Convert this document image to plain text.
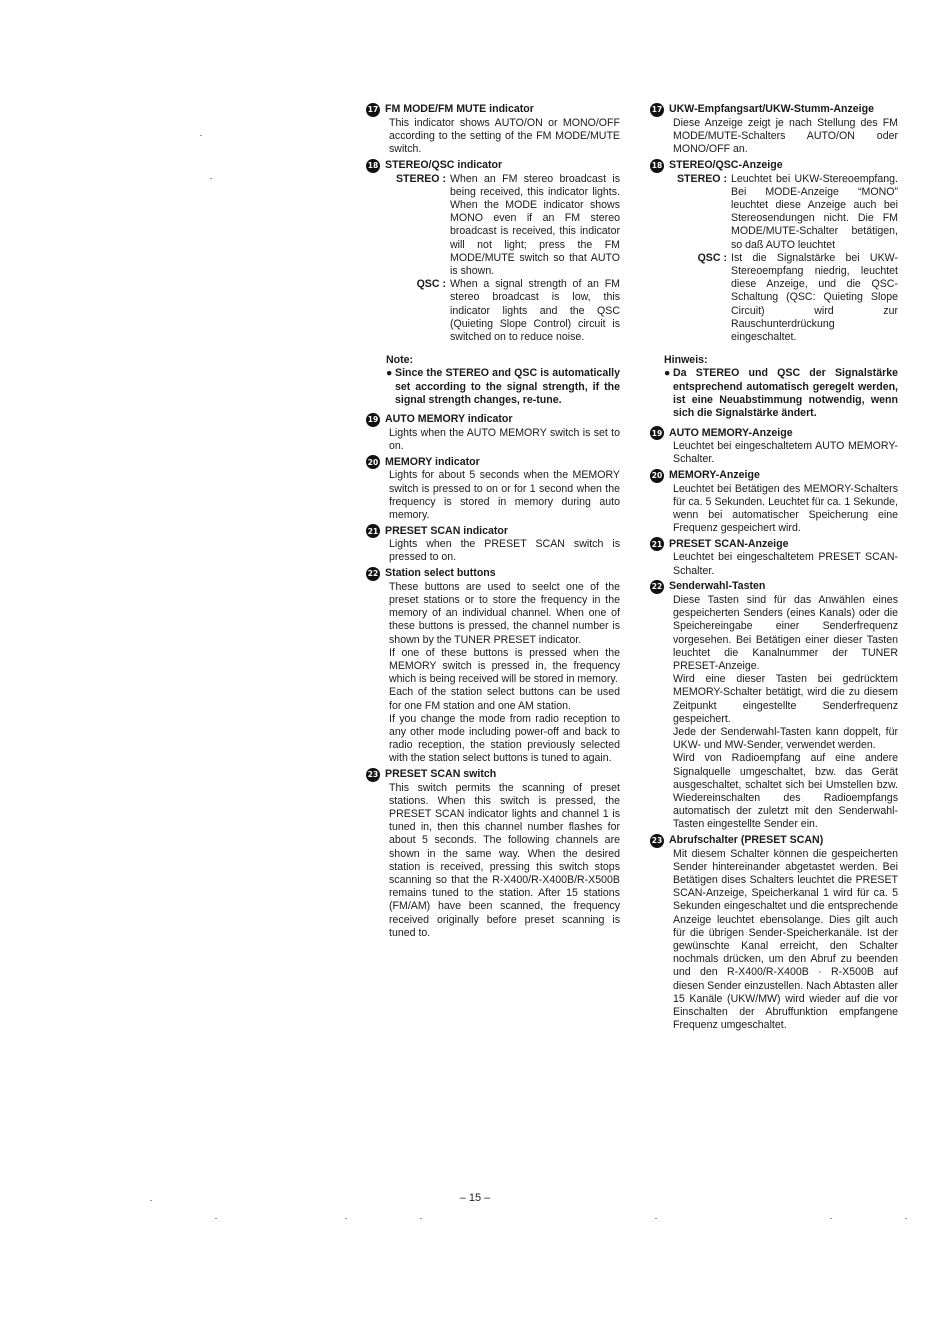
17 FM MODE/FM MUTE indicator
This indicator shows AUTO/ON or MONO/OFF according to the setting of the FM MODE/MUTE switch.
18 STEREO/QSC indicator
STEREO : When an FM stereo broadcast is being received, this indicator lights. When the MODE indicator shows MONO even if an FM stereo broadcast is received, this indicator will not light; press the FM MODE/MUTE switch so that AUTO is shown.
QSC : When a signal strength of an FM stereo broadcast is low, this indicator lights and the QSC (Quieting Slope Control) circuit is switched on to reduce noise.
Note:
● Since the STEREO and QSC is automatically set according to the signal strength, if the signal strength changes, re-tune.
19 AUTO MEMORY indicator
Lights when the AUTO MEMORY switch is set to on.
20 MEMORY indicator
Lights for about 5 seconds when the MEMORY switch is pressed to on or for 1 second when the frequency is stored in memory during auto memory.
21 PRESET SCAN indicator
Lights when the PRESET SCAN switch is pressed to on.
22 Station select buttons

These buttons are used to seelct one of the preset stations or to store the frequency in the memory of an individual channel. When one of these buttons is pressed, the channel number is shown by the TUNER PRESET indicator.

If one of these buttons is pressed when the MEMORY switch is pressed in, the frequency which is being received will be stored in memory.

Each of the station select buttons can be used for one FM station and one AM station.

If you change the mode from radio reception to any other mode including power-off and back to radio reception, the station previously selected with the station select buttons is tuned to again.

23 PRESET SCAN switch
This switch permits the scanning of preset stations. When this switch is pressed, the PRESET SCAN indicator lights and channel 1 is tuned in, then this channel number flashes for about 5 seconds. The following channels are shown in the same way. When the desired station is received, pressing this switch stops scanning so that the R-X400/R-X400B/R-X500B remains tuned to the station. After 15 stations (FM/AM) have been scanned, the frequency received originally before preset scanning is tuned to.
17 UKW-Empfangsart/UKW-Stumm-Anzeige
Diese Anzeige zeigt je nach Stellung des FM MODE/MUTE-Schalters AUTO/ON oder MONO/OFF an.
18 STEREO/QSC-Anzeige
STEREO : Leuchtet bei UKW-Stereoempfang. Bei MODE-Anzeige “MONO” leuchtet diese Anzeige auch bei Stereosendungen nicht. Die FM MODE/MUTE-Schalter betätigen, so daß AUTO leuchtet
QSC : Ist die Signalstärke bei UKW-Stereoempfang niedrig, leuchtet diese Anzeige, und die QSC-Schaltung (QSC: Quieting Slope Circuit) wird zur Rauschunterdrückung eingeschaltet.
Hinweis:
● Da STEREO und QSC der Signalstärke entsprechend automatisch geregelt werden, ist eine Neuabstimmung notwendig, wenn sich die Signalstärke ändert.
19 AUTO MEMORY-Anzeige
Leuchtet bei eingeschaltetem AUTO MEMORY-Schalter.
20 MEMORY-Anzeige
Leuchtet bei Betätigen des MEMORY-Schalters für ca. 5 Sekunden. Leuchtet für ca. 1 Sekunde, wenn bei automatischer Speicherung eine Frequenz gespeichert wird.
21 PRESET SCAN-Anzeige
Leuchtet bei eingeschaltetem PRESET SCAN-Schalter.
22 Senderwahl-Tasten

Diese Tasten sind für das Anwählen eines gespeicherten Senders (eines Kanals) oder die Speichereingabe einer Senderfrequenz vorgesehen. Bei Betätigen einer dieser Tasten leuchtet die Kanalnummer der TUNER PRESET-Anzeige.

Wird eine dieser Tasten bei gedrücktem MEMORY-Schalter betätigt, wird die zu diesem Zeitpunkt eingestellte Senderfrequenz gespeichert.

Jede der Senderwahl-Tasten kann doppelt, für UKW- und MW-Sender, verwendet werden.

Wird von Radioempfang auf eine andere Signalquelle umgeschaltet, bzw. das Gerät ausgeschaltet, schaltet sich bei Umstellen bzw. Wiedereinschalten des Radioempfangs automatisch der zuletzt mit den Senderwahl-Tasten eingestellte Sender ein.

23 Abrufschalter (PRESET SCAN)
Mit diesem Schalter können die gespeicherten Sender hintereinander abgetastet werden. Bei Betätigen dises Schalters leuchtet die PRESET SCAN-Anzeige, Speicherkanal 1 wird für ca. 5 Sekunden eingeschaltet und die entsprechende Anzeige leuchtet ebensolange. Dies gilt auch für die übrigen Sender-Speicherkanäle. Ist der gewünschte Kanal erreicht, den Schalter nochmals drücken, um den Abruf zu beenden und den R-X400/R-X400B · R-X500B auf diesen Sender einzustellen. Nach Abtasten aller 15 Kanäle (UKW/MW) wird wieder auf die vor Einschalten der Abruffunktion empfangene Frequenz umgeschaltet.
– 15 –
